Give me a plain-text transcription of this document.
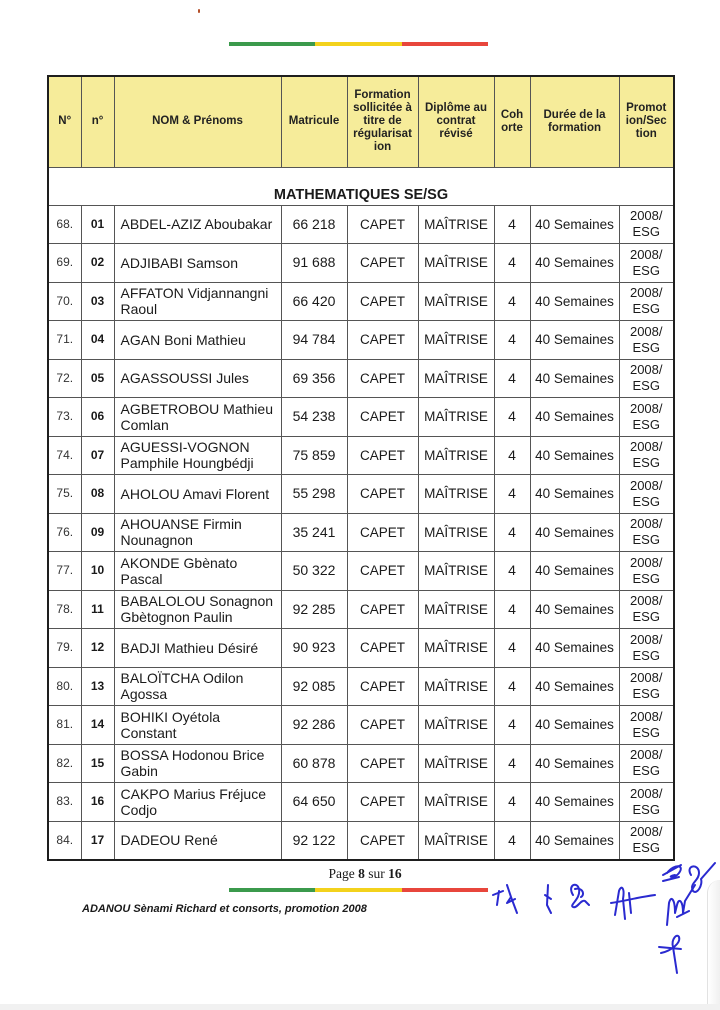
N°	n°	NOM & Prénoms	Matricule	Formation
sollicitée à
titre de
régularisat
ion	Diplôme au contrat révisé	Coh
orte	Durée de la formation	Promot
ion/Sec
tion
MATHEMATIQUES SE/SG								
68.	01	ABDEL-AZIZ Aboubakar	66 218	CAPET	MAÎTRISE	4	40 Semaines	2008/
ESG
69.	02	ADJIBABI Samson	91 688	CAPET	MAÎTRISE	4	40 Semaines	2008/
ESG
70.	03	AFFATON Vidjannangni Raoul	66 420	CAPET	MAÎTRISE	4	40 Semaines	2008/
ESG
71.	04	AGAN Boni Mathieu	94 784	CAPET	MAÎTRISE	4	40 Semaines	2008/
ESG
72.	05	AGASSOUSSI Jules	69 356	CAPET	MAÎTRISE	4	40 Semaines	2008/
ESG
73.	06	AGBETROBOU Mathieu Comlan	54 238	CAPET	MAÎTRISE	4	40 Semaines	2008/
ESG
74.	07	AGUESSI-VOGNON Pamphile Houngbédji	75 859	CAPET	MAÎTRISE	4	40 Semaines	2008/
ESG
75.	08	AHOLOU Amavi Florent	55 298	CAPET	MAÎTRISE	4	40 Semaines	2008/
ESG
76.	09	AHOUANSE Firmin Nounagnon	35 241	CAPET	MAÎTRISE	4	40 Semaines	2008/
ESG
77.	10	AKONDE Gbènato Pascal	50 322	CAPET	MAÎTRISE	4	40 Semaines	2008/
ESG
78.	11	BABALOLOU Sonagnon Gbètognon Paulin	92 285	CAPET	MAÎTRISE	4	40 Semaines	2008/
ESG
79.	12	BADJI Mathieu Désiré	90 923	CAPET	MAÎTRISE	4	40 Semaines	2008/
ESG
80.	13	BALOÏTCHA Odilon Agossa	92 085	CAPET	MAÎTRISE	4	40 Semaines	2008/
ESG
81.	14	BOHIKI Oyétola Constant	92 286	CAPET	MAÎTRISE	4	40 Semaines	2008/
ESG
82.	15	BOSSA Hodonou Brice Gabin	60 878	CAPET	MAÎTRISE	4	40 Semaines	2008/
ESG
83.	16	CAKPO Marius Fréjuce Codjo	64 650	CAPET	MAÎTRISE	4	40 Semaines	2008/
ESG
84.	17	DADEOU René	92 122	CAPET	MAÎTRISE	4	40 Semaines	2008/
ESG
Page 8 sur 16
ADANOU Sènami Richard et consorts, promotion 2008
